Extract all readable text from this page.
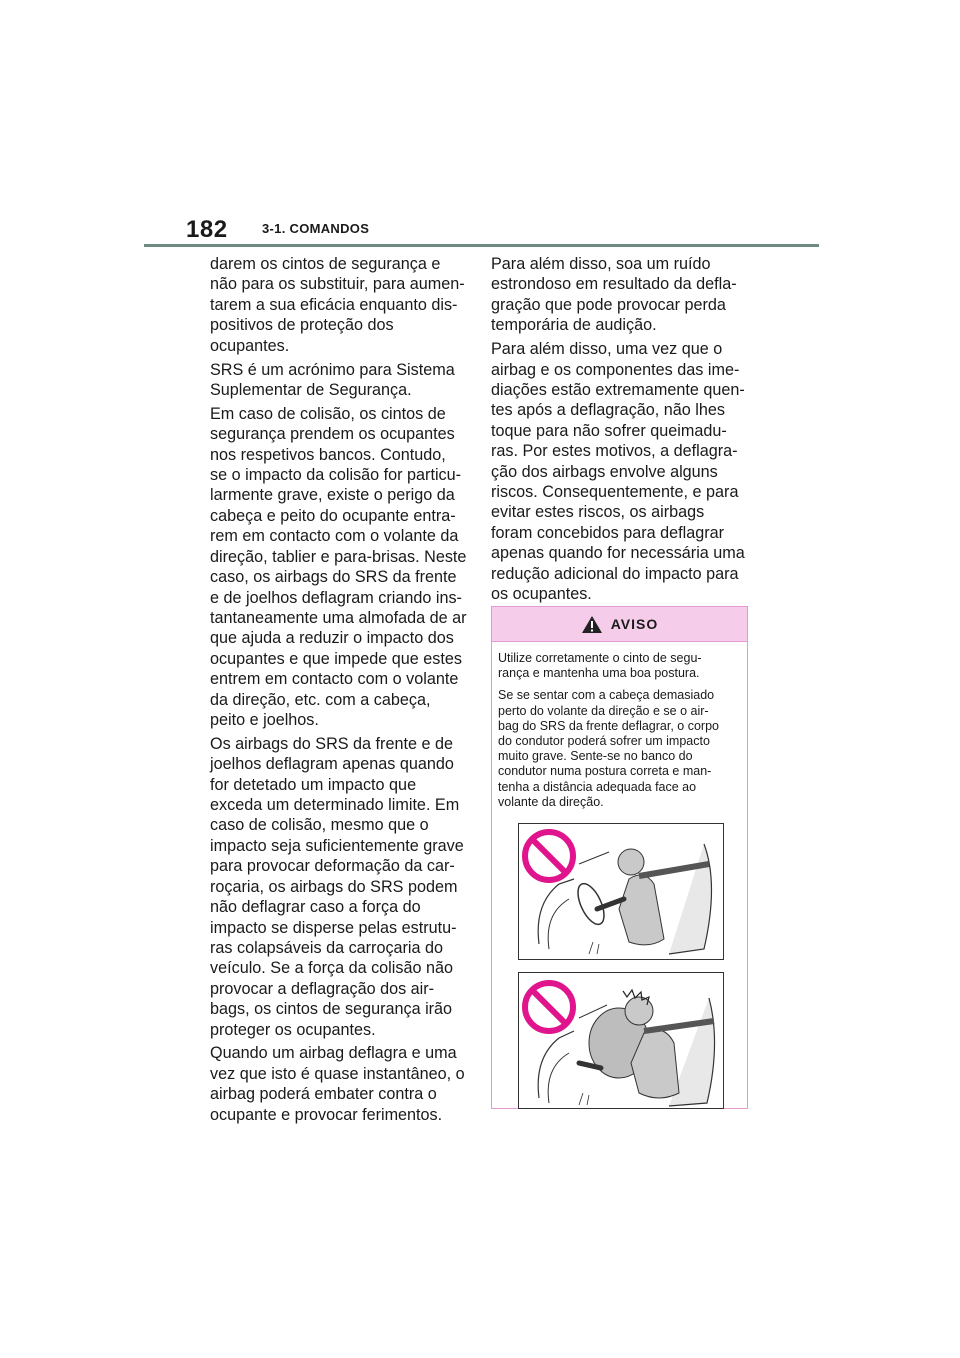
182	3-1. COMANDOS

darem os cintos de segurança e
não para os substituir, para aumen-
tarem a sua eficácia enquanto dis-
positivos de proteção dos
ocupantes.

SRS é um acrónimo para Sistema
Suplementar de Segurança.

Em caso de colisão, os cintos de
segurança prendem os ocupantes
nos respetivos bancos. Contudo,
se o impacto da colisão for particu-
larmente grave, existe o perigo da
cabeça e peito do ocupante entra-
rem em contacto com o volante da
direção, tablier e para-brisas. Neste
caso, os airbags do SRS da frente
e de joelhos deflagram criando ins-
tantaneamente uma almofada de ar
que ajuda a reduzir o impacto dos
ocupantes e que impede que estes
entrem em contacto com o volante
da direção, etc. com a cabeça,
peito e joelhos.

Os airbags do SRS da frente e de
joelhos deflagram apenas quando
for detetado um impacto que
exceda um determinado limite. Em
caso de colisão, mesmo que o
impacto seja suficientemente grave
para provocar deformação da car-
roçaria, os airbags do SRS podem
não deflagrar caso a força do
impacto se disperse pelas estrutu-
ras colapsáveis da carroçaria do
veículo. Se a força da colisão não
provocar a deflagração dos air-
bags, os cintos de segurança irão
proteger os ocupantes.

Quando um airbag deflagra e uma
vez que isto é quase instantâneo, o
airbag poderá embater contra o
ocupante e provocar ferimentos.

Para além disso, soa um ruído
estrondoso em resultado da defla-
gração que pode provocar perda
temporária de audição.

Para além disso, uma vez que o
airbag e os componentes das ime-
diações estão extremamente quen-
tes após a deflagração, não lhes
toque para não sofrer queimadu-
ras. Por estes motivos, a deflagra-
ção dos airbags envolve alguns
riscos. Consequentemente, e para
evitar estes riscos, os airbags
foram concebidos para deflagrar
apenas quando for necessária uma
redução adicional do impacto para
os ocupantes.

AVISO

Utilize corretamente o cinto de segu-
rança e mantenha uma boa postura.

Se se sentar com a cabeça demasiado
perto do volante da direção e se o air-
bag do SRS da frente deflagrar, o corpo
do condutor poderá sofrer um impacto
muito grave. Sente-se no banco do
condutor numa postura correta e man-
tenha a distância adequada face ao
volante da direção.
